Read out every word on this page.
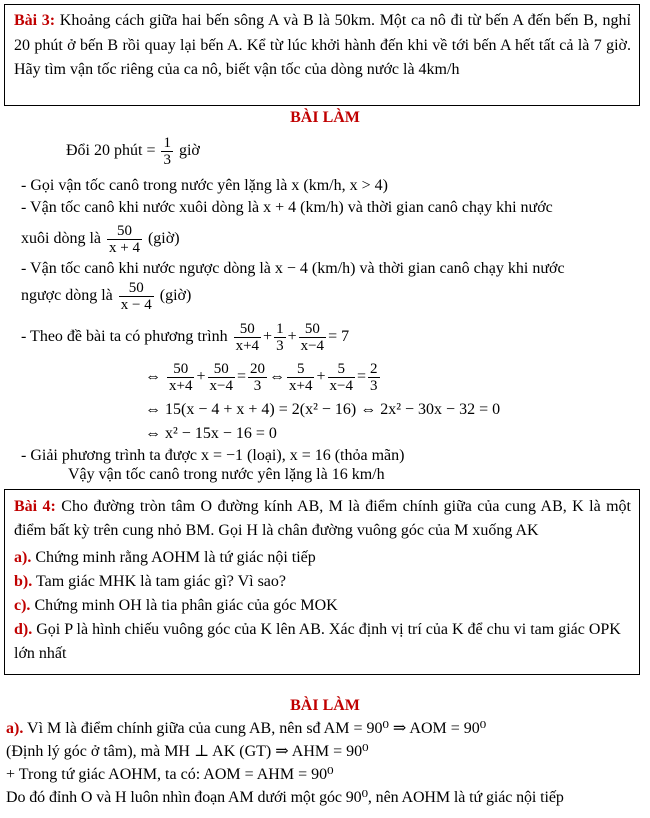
Bài 3: Khoảng cách giữa hai bến sông A và B là 50km. Một ca nô đi từ bến A đến bến B, nghỉ 20 phút ở bến B rồi quay lại bến A. Kể từ lúc khởi hành đến khi về tới bến A hết tất cả là 7 giờ. Hãy tìm vận tốc riêng của ca nô, biết vận tốc của dòng nước là 4km/h
BÀI LÀM
Đổi 20 phút = $\frac{1}{3}$ giờ
- Gọi vận tốc canô trong nước yên lặng là x (km/h, x > 4)
- Vận tốc canô khi nước xuôi dòng là x + 4 (km/h) và thời gian canô chạy khi nước
xuôi dòng là $\frac{50}{x + 4}$ (giờ)
- Vận tốc canô khi nước ngược dòng là x − 4 (km/h) và thời gian canô chạy khi nước
ngược dòng là $\frac{50}{x - 4}$ (giờ)
- Theo đề bài ta có phương trình $\frac{50}{x+4} + \frac{1}{3} + \frac{50}{x-4} = 7$
⇔ $\frac{50}{x+4} + \frac{50}{x-4} = \frac{20}{3}$ ⇔ $\frac{5}{x+4} + \frac{5}{x-4} = \frac{2}{3}$
⇔ 15(x − 4 + x + 4) = 2(x² − 16) ⇔ 2x² − 30x − 32 = 0
⇔ x² − 15x − 16 = 0
- Giải phương trình ta được x = −1 (loại), x = 16 (thỏa mãn)
Vậy vận tốc canô trong nước yên lặng là 16 km/h
Bài 4: Cho đường tròn tâm O đường kính AB, M là điểm chính giữa của cung AB, K là một điểm bất kỳ trên cung nhỏ BM. Gọi H là chân đường vuông góc của M xuống AK
a). Chứng minh rằng AOHM là tứ giác nội tiếp
b). Tam giác MHK là tam giác gì? Vì sao?
c). Chứng minh OH là tia phân giác của góc MOK
d). Gọi P là hình chiếu vuông góc của K lên AB. Xác định vị trí của K để chu vi tam giác OPK lớn nhất
BÀI LÀM
a). Vì M là điểm chính giữa của cung AB, nên sđ AM = 90⁰ ⇒ AOM = 90⁰
(Định lý góc ở tâm), mà MH ⊥ AK (GT) ⇒ AHM = 90⁰
+ Trong tứ giác AOHM, ta có: AOM = AHM = 90⁰
Do đó đỉnh O và H luôn nhìn đoạn AM dưới một góc 90⁰, nên AOHM là tứ giác nội tiếp
